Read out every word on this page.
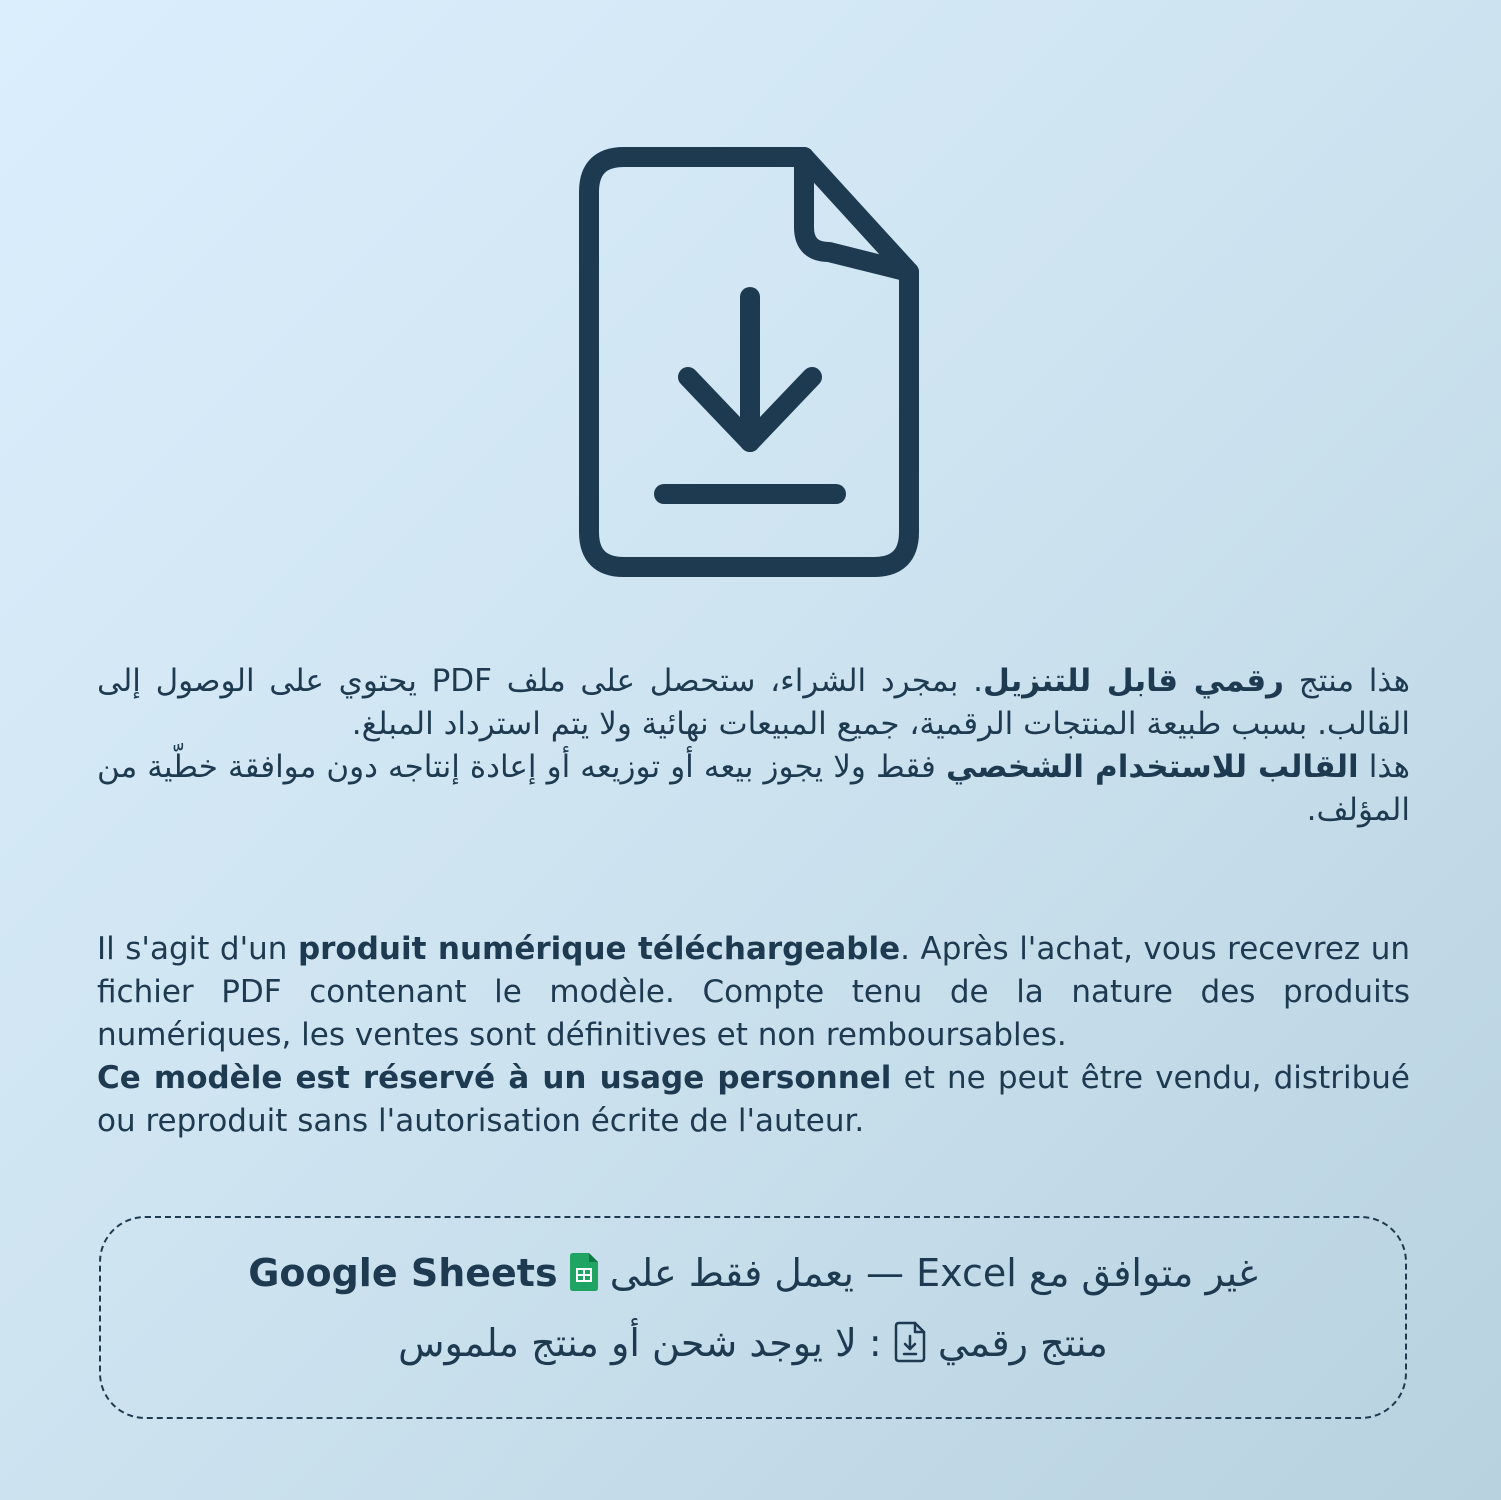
هذا منتج رقمي قابل للتنزيل. بمجرد الشراء، ستحصل على ملف PDF يحتوي على الوصول إلى القالب. بسبب طبيعة المنتجات الرقمية، جميع المبيعات نهائية ولا يتم استرداد المبلغ.

هذا القالب للاستخدام الشخصي فقط ولا يجوز بيعه أو توزيعه أو إعادة إنتاجه دون موافقة خطّية من المؤلف.

Il s'agit d'un produit numérique téléchargeable. Après l'achat, vous recevrez un fichier PDF contenant le modèle. Compte tenu de la nature des produits numériques, les ventes sont définitives et non remboursables.

Ce modèle est réservé à un usage personnel et ne peut être vendu, distribué ou reproduit sans l'autorisation écrite de l'auteur.

غير متوافق مع Excel — يعمل فقط على  Google Sheets
منتج رقمي  : لا يوجد شحن أو منتج ملموس
